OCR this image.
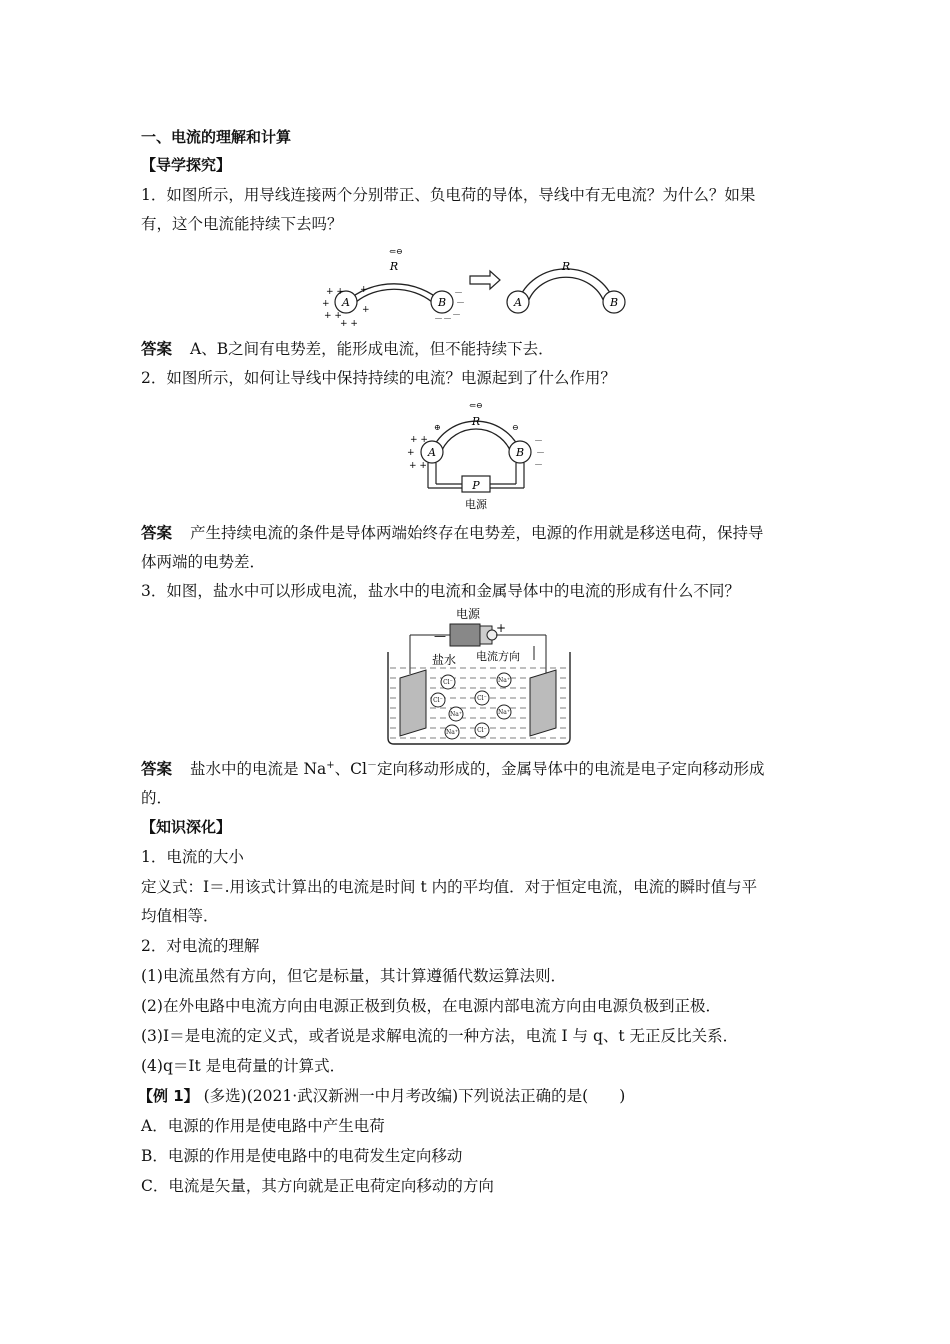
一、电流的理解和计算
【导学探究】
1．如图所示，用导线连接两个分别带正、负电荷的导体，导线中有无电流？为什么？如果
有，这个电流能持续下去吗？
R
⇐⊖
A
+ +
+
+ +
+ +
+
+
B
－
－
－
－－
R
A	B
答案 A、B之间有电势差，能形成电流，但不能持续下去．
2．如图所示，如何让导线中保持持续的电流？电源起到了什么作用？
R
⇐⊖
⊕	⊖
A
+ +
+
+ +
B
－
－
－
P
电源
答案 产生持续电流的条件是导体两端始终存在电势差，电源的作用就是移送电荷，保持导
体两端的电势差．
3．如图，盐水中可以形成电流，盐水中的电流和金属导体中的电流的形成有什么不同？
电源
—
+
盐水 电流方向
Cl⁻	Na⁺
Cl⁻	Cl⁻
Na⁺	Na⁺
Na⁺	Cl⁻
答案 盐水中的电流是 Na+、Cl－定向移动形成的，金属导体中的电流是电子定向移动形成
的．
【知识深化】
1．电流的大小
定义式：I＝.用该式计算出的电流是时间 t 内的平均值．对于恒定电流，电流的瞬时值与平
均值相等．
2．对电流的理解
(1)电流虽然有方向，但它是标量，其计算遵循代数运算法则．
(2)在外电路中电流方向由电源正极到负极，在电源内部电流方向由电源负极到正极．
(3)I＝是电流的定义式，或者说是求解电流的一种方法，电流 I 与 q、t 无正反比关系．
(4)q＝It 是电荷量的计算式．
【例 1】 (多选)(2021·武汉新洲一中月考改编)下列说法正确的是(　　)
A．电源的作用是使电路中产生电荷
B．电源的作用是使电路中的电荷发生定向移动
C．电流是矢量，其方向就是正电荷定向移动的方向
